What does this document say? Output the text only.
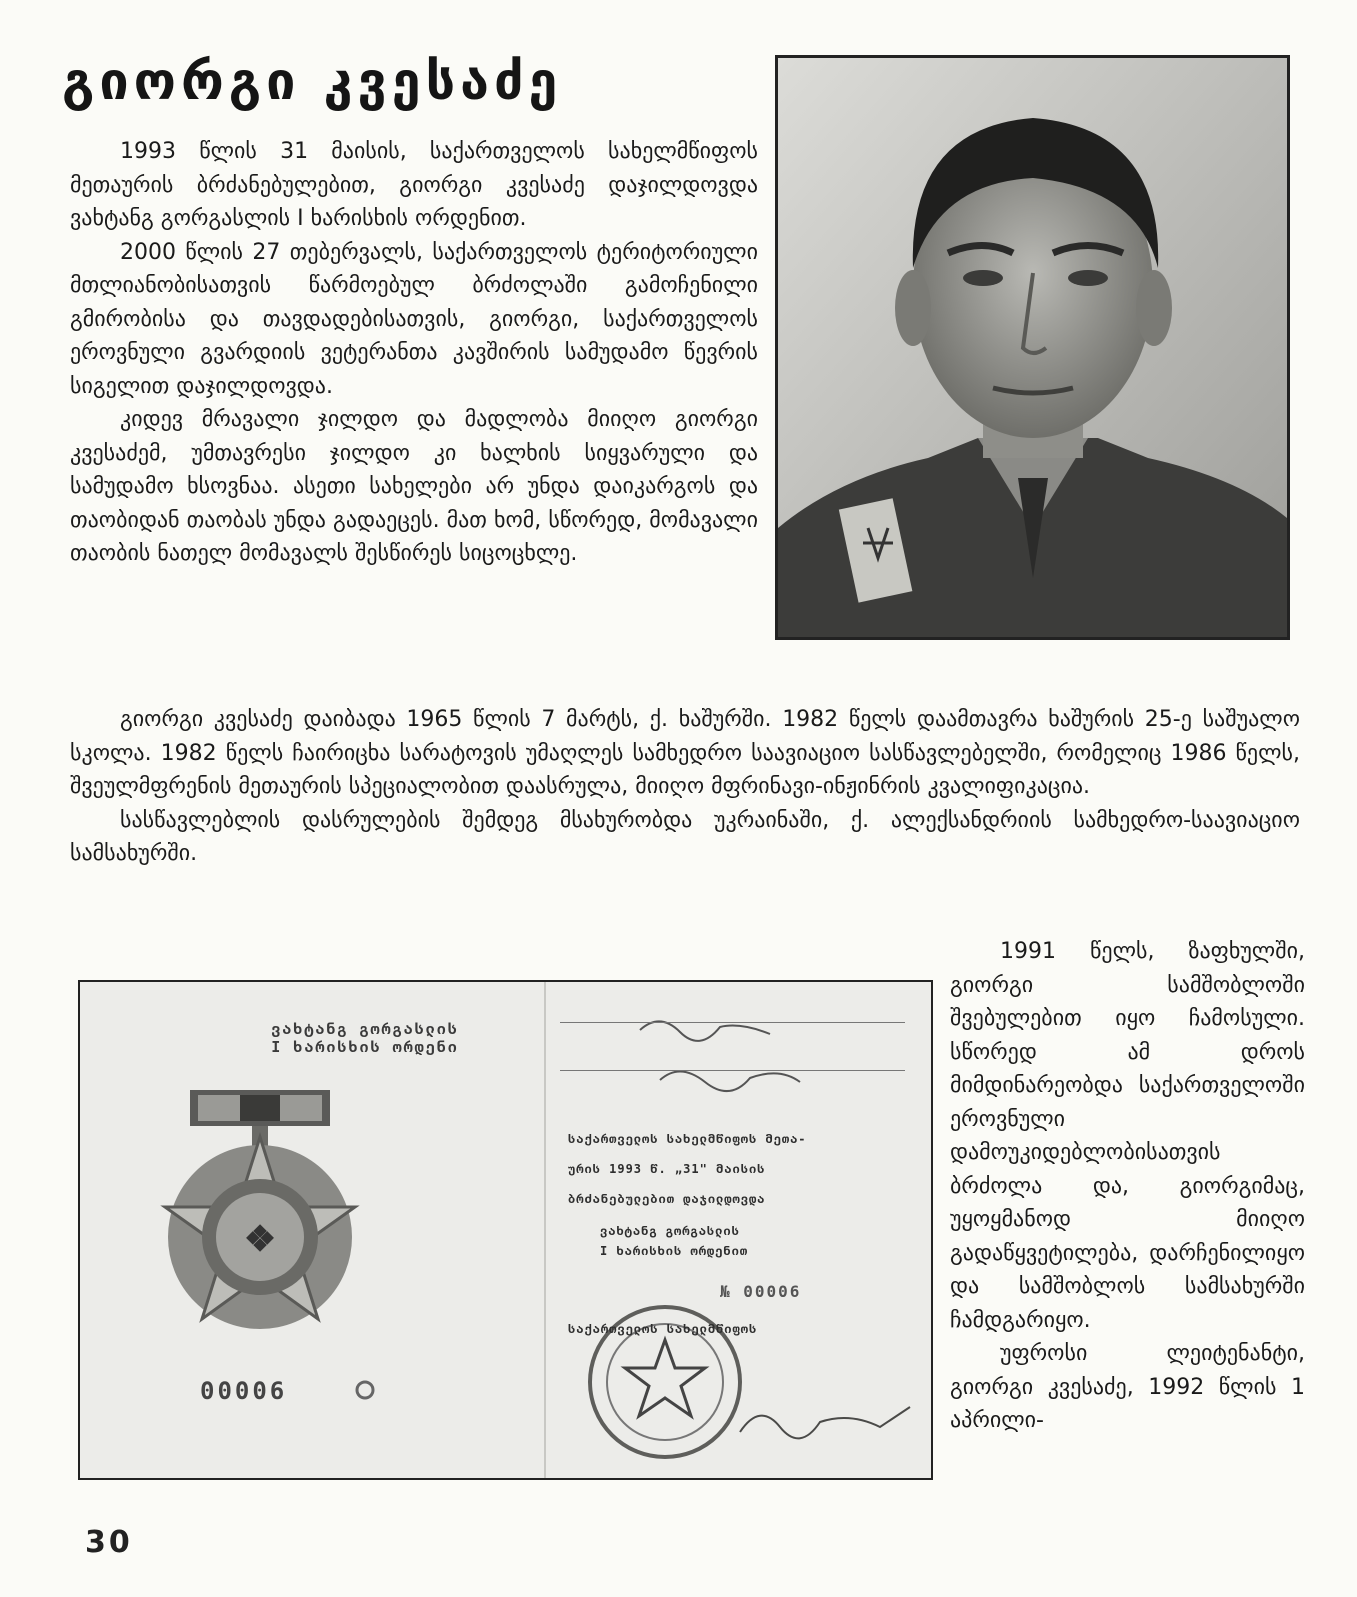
გიორგი კვესაძე

1993 წლის 31 მაისის, საქართველოს სახელმწიფოს მეთაურის ბრძანებულებით, გიორგი კვესაძე დაჯილდოვდა ვახტანგ გორგასლის I ხარისხის ორდენით.

2000 წლის 27 თებერვალს, საქართველოს ტერიტორიული მთლიანობისათვის წარმოებულ ბრძოლაში გამოჩენილი გმირობისა და თავდადებისათვის, გიორგი, საქართველოს ეროვნული გვარდიის ვეტერანთა კავშირის სამუდამო წევრის სიგელით დაჯილდოვდა.

კიდევ მრავალი ჯილდო და მადლობა მიიღო გიორგი კვესაძემ, უმთავრესი ჯილდო კი ხალხის სიყვარული და სამუდამო ხსოვნაა. ასეთი სახელები არ უნდა დაიკარგოს და თაობიდან თაობას უნდა გადაეცეს. მათ ხომ, სწორედ, მომავალი თაობის ნათელ მომავალს შესწირეს სიცოცხლე.

გიორგი კვესაძე დაიბადა 1965 წლის 7 მარტს, ქ. ხაშურში. 1982 წელს დაამთავრა ხაშურის 25-ე საშუალო სკოლა. 1982 წელს ჩაირიცხა სარატოვის უმაღლეს სამხედრო საავიაციო სასწავლებელში, რომელიც 1986 წელს, შვეულმფრენის მეთაურის სპეციალობით დაასრულა, მიიღო მფრინავი-ინჟინრის კვალიფიკაცია.

სასწავლებლის დასრულების შემდეგ მსახურობდა უკრაინაში, ქ. ალექსანდრიის სამხედრო-საავიაციო სამსახურში.

❖
ვახტანგ გორგასლის
I ხარისხის ორდენი
საქართველოს სახელმწიფოს მეთა-
ურის 1993 წ. „31" მაისის
ბრძანებულებით დაჯილდოვდა
ვახტანგ გორგასლის
I ხარისხის ორდენით
№ 00006
საქართველოს სახელმწიფოს
00006

1991 წელს, ზაფხულში, გიორგი სამშობლოში შვებულებით იყო ჩამოსული. სწორედ ამ დროს მიმდინარეობდა საქართველოში ეროვნული დამოუკიდებლობისათვის ბრძოლა და, გიორგიმაც, უყოყმანოდ მიიღო გადაწყვეტილება, დარჩენილიყო და სამშობლოს სამსახურში ჩამდგარიყო.

უფროსი ლეიტენანტი, გიორგი კვესაძე, 1992 წლის 1 აპრილი-

30
